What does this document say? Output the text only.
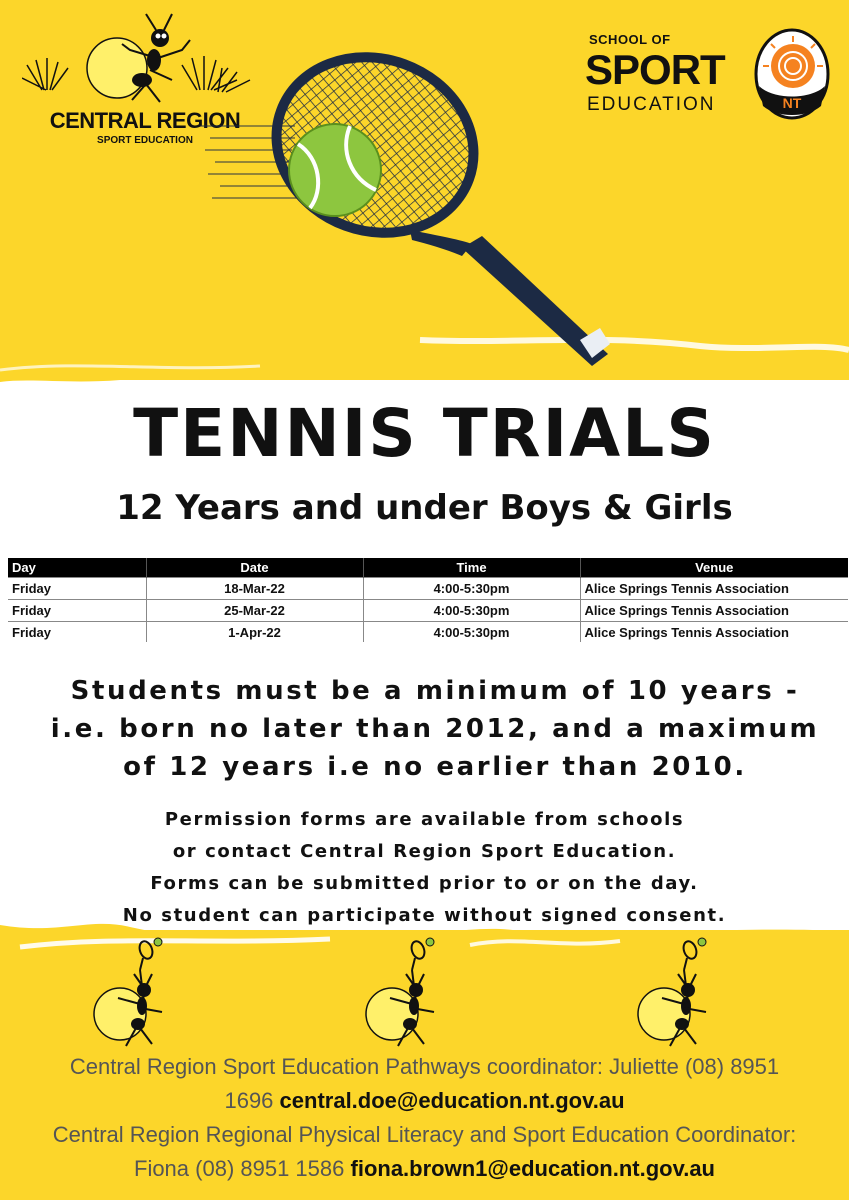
CENTRAL REGION
SPORT EDUCATION
SCHOOL OF
SPORT
EDUCATION	NT
TENNIS TRIALS
12 Years and under Boys & Girls
Day	Date	Time	Venue
Friday	18-Mar-22	4:00-5:30pm	Alice Springs Tennis Association
Friday	25-Mar-22	4:00-5:30pm	Alice Springs Tennis Association
Friday	1-Apr-22	4:00-5:30pm	Alice Springs Tennis Association

Students must be a minimum of 10 years -

i.e. born no later than 2012, and a maximum

of 12 years i.e no earlier than 2010.

Permission forms are available from schools

or contact Central Region Sport Education.

Forms can be submitted prior to or on the day.

No student can participate without signed consent.

Central Region Sport Education Pathways coordinator: Juliette (08) 8951

1696 central.doe@education.nt.gov.au

Central Region Regional Physical Literacy and Sport Education Coordinator:

Fiona (08) 8951 1586 fiona.brown1@education.nt.gov.au
